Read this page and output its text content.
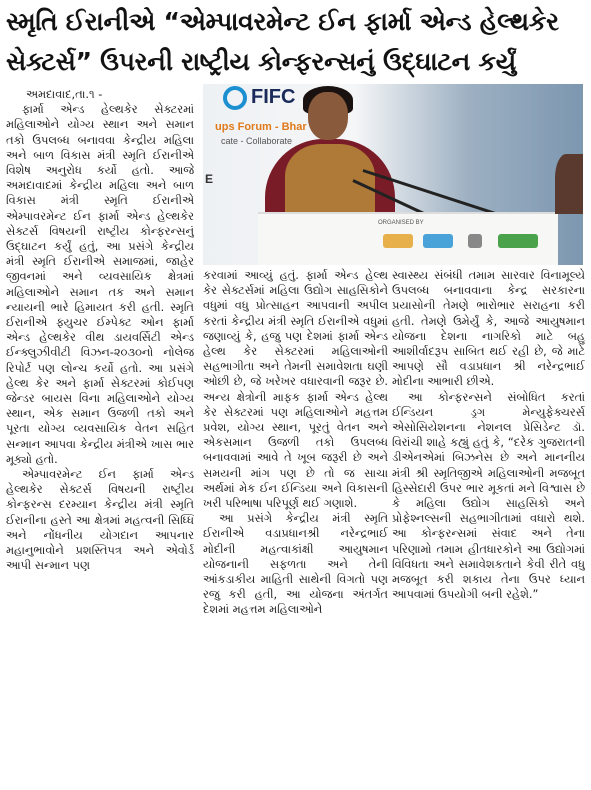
સ્મૃતિ ઈરાનીએ “એમ્પાવરમેન્ટ ઈન ફાર્મા એન્ડ હેલ્થકેર
સેક્ટર્સ” ઉપરની રાષ્ટ્રીય કોન્ફરન્સનું ઉદ્ઘાટન કર્યું
FIFC
ups Forum - Bhar
cate - Collaborate
E
ORGANISED BY

અમદાવાદ,તા.૧ -

ફાર્મા એન્ડ હેલ્થકેર સેક્ટરમાં મહિલાઓને યોગ્ય સ્થાન અને સમાન તકો ઉપલબ્ધ બનાવવા કેન્દ્રીય મહિલા અને બાળ વિકાસ મંત્રી સ્મૃતિ ઈરાનીએ વિશેષ અનુરોધ કર્યો હતો. આજે અમદાવાદમાં કેન્દ્રીય મહિલા અને બાળ વિકાસ મંત્રી સ્મૃતિ ઈરાનીએ એમ્પાવરમેન્ટ ઈન ફાર્મા એન્ડ હેલ્થકેર સેક્ટર્સ વિષયની રાષ્ટ્રીય કોન્ફરન્સનું ઉદ્ઘાટન કર્યું હતું, આ પ્રસંગે કેન્દ્રીય મંત્રી સ્મૃતિ ઈરાનીએ સમાજમાં, જાહેર જીવનમાં અને વ્યવસાયિક ક્ષેત્રમાં મહિલાઓને સમાન તક અને સમાન ન્યાયની ભારે હિમાયત કરી હતી. સ્મૃતિ ઈરાનીએ ફ્યુચર ઈમ્પેક્ટ ઓન ફાર્મા એન્ડ હેલ્થકેર વીથ ડાયવર્સિટી એન્ડ ઈન્ક્લુઝીવીટી વિઝન-૨૦૩૦નો નોલેજ રિપોર્ટ પણ લોન્ચ કર્યો હતો. આ પ્રસંગે હેલ્થ કેર અને ફાર્મા સેક્ટરમાં કોઈપણ જેન્ડર બાયસ વિના મહિલાઓને યોગ્ય સ્થાન, એક સમાન ઉજળી તકો અને પૂરતા યોગ્ય વ્યવસાયિક વેતન સહિત સન્માન આપવા કેન્દ્રીય મંત્રીએ ખાસ ભાર મૂક્યો હતો.

એમ્પાવરમેન્ટ ઈન ફાર્મા એન્ડ હેલ્થકેર સેક્ટર્સ વિષયની રાષ્ટ્રીય કોન્ફરન્સ દરમ્યાન કેન્દ્રીય મંત્રી સ્મૃતિ ઈરાનીના હસ્તે આ ક્ષેત્રમાં મહત્વની સિધ્ધિ અને નોંધનીય યોગદાન આપનાર મહાનુભાવોને પ્રશસ્તિપત્ર અને એવોર્ડ આપી સન્માન પણ

કરવામાં આવ્યું હતું. ફાર્મા એન્ડ હેલ્થ કેર સેક્ટર્સમાં મહિલા ઉદ્યોગ સાહસિકોને વધુમાં વધુ પ્રોત્સાહન આપવાની અપીલ કરતાં કેન્દ્રીય મંત્રી સ્મૃતિ ઈરાનીએ વધુમાં જણાવ્યું કે, હજુ પણ દેશમાં ફાર્મા એન્ડ હેલ્થ કેર સેક્ટરમાં મહિલાઓની સહભાગીતા અને તેમની સમાવેશતા ઘણી ઓછી છે, જે ખરેખર વધારવાની જરૂર છે. અન્ય ક્ષેત્રોની માફક ફાર્મા એન્ડ હેલ્થ કેર સેક્ટરમાં પણ મહિલાઓને મહત્તમ પ્રવેશ, યોગ્ય સ્થાન, પૂરતું વેતન અને એકસમાન ઉજળી તકો ઉપલબ્ધ બનાવવામાં આવે તે ખૂબ જરૂરી છે અને સમયની માંગ પણ છે તો જ સાચા અર્થમાં મેક ઈન ઈન્ડિયા અને વિકાસની ખરી પરિભાષા પરિપૂર્ણ થઈ ગણાશે.

આ પ્રસંગે કેન્દ્રીય મંત્રી સ્મૃતિ ઈરાનીએ વડાપ્રધાનશ્રી નરેન્દ્રભાઈ મોદીની મહત્વાકાંક્ષી આયુષમાન યોજનાની સફળતા અને તેની આંકડાકીય માહિતી સાથેની વિગતો પણ રજુ કરી હતી, આ યોજના અંતર્ગત દેશમાં મહત્તમ મહિલાઓને

સ્વાસ્થ્ય સંબંધી તમામ સારવાર વિનામૂલ્યે ઉપલબ્ધ બનાવવાના કેન્દ્ર સરકારના પ્રયાસોની તેમણે ભારોભાર સરાહના કરી હતી. તેમણે ઉમેર્યું કે, આજે આયુષમાન યોજના દેશના નાગરિકો માટે બહુ આશીર્વાદરૂપ સાબિત થઈ રહી છે, જે માટે આપણે સૌ વડાપ્રધાન શ્રી નરેન્દ્રભાઈ મોદીના આભારી છીએ.

આ કોન્ફરન્સને સંબોધિત કરતાં ઈન્ડિયન ડ્રગ મેન્યુફેક્ચરર્સ એસોસિયેશનના નેશનલ પ્રેસિડેન્ટ ડૉ. વિરાંચી શાહે કહ્યું હતું કે, “દરેક ગુજરાતની ડીએનએમાં બિઝનેસ છે અને માનનીય મંત્રી શ્રી સ્મૃતિજીએ મહિલાઓની મજબૂત હિસ્સેદારી ઉપર ભાર મૂકતાં મને વિશ્વાસ છે કે મહિલા ઉદ્યોગ સાહસિકો અને પ્રોફેશ્નલ્સની સહભાગીતામાં વધારો થશે. આ કોન્ફરન્સમાં સંવાદ અને તેના પરિણામો તમામ હીતધારકોને આ ઉદ્યોગમાં વિવિધતા અને સમાવેશકતાને કેવી રીતે વધુ મજબૂત કરી શકાય તેના ઉપર ધ્યાન આપવામાં ઉપયોગી બની રહેશે.”
